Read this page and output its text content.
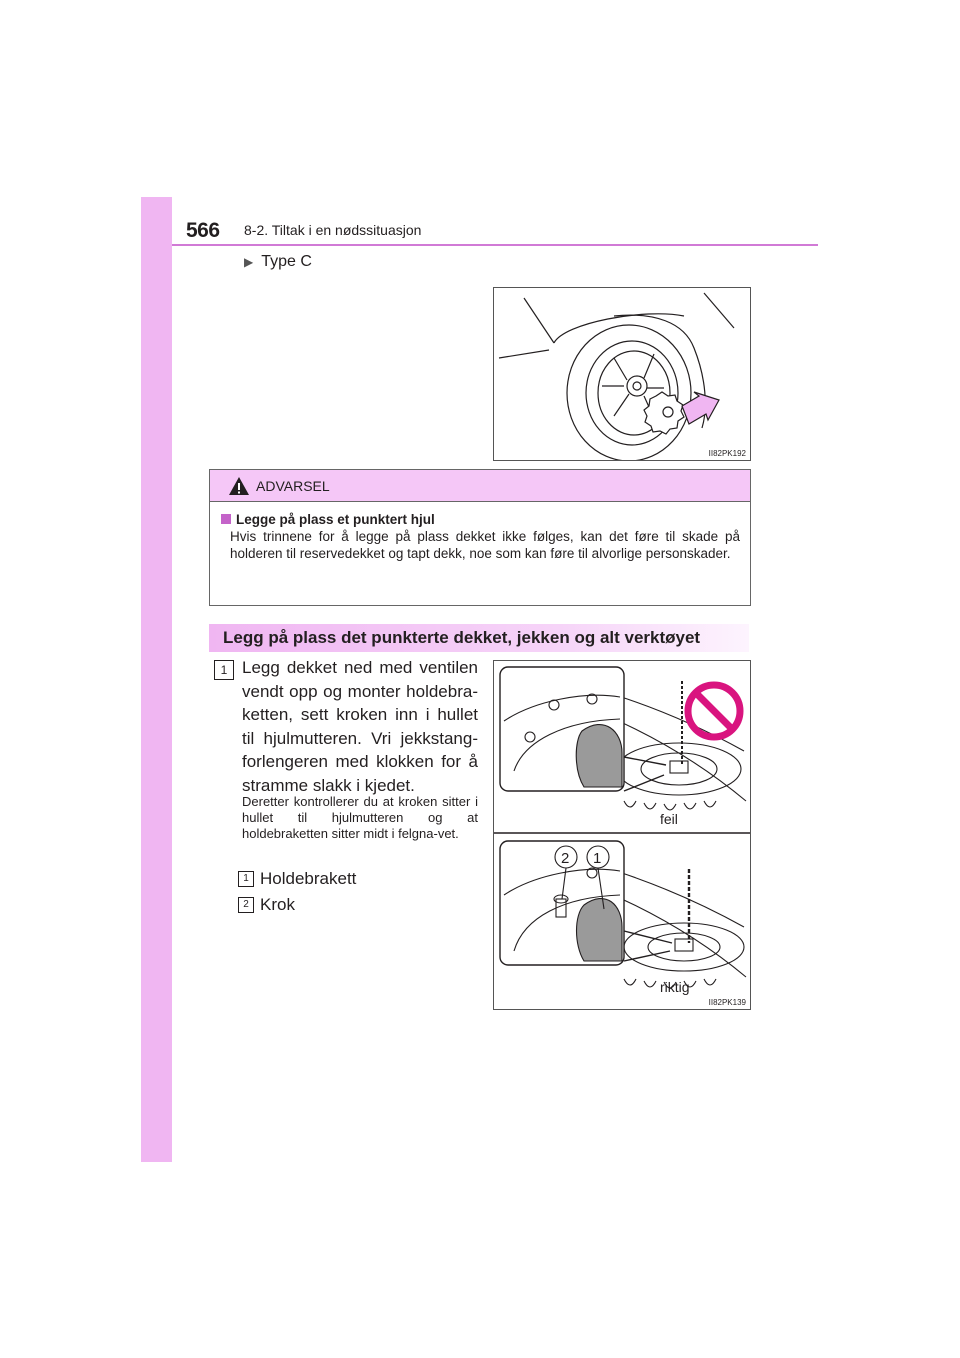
566 8-2. Tiltak i en nødssituasjon
▶ Type C
II82PK192
ADVARSEL
Legge på plass et punktert hjul
Hvis trinnene for å legge på plass dekket ikke følges, kan det føre til skade på holderen til reservedekket og tapt dekk, noe som kan føre til alvorlige personskader.
Legg på plass det punkterte dekket, jekken og alt verktøyet
1 Legg dekket ned med ventilen vendt opp og monter holdebra-ketten, sett kroken inn i hullet til hjulmutteren. Vri jekkstang-forlengeren med klokken for å stramme slakk i kjedet.
Deretter kontrollerer du at kroken sitter i hullet til hjulmutteren og at holdebraketten sitter midt i felgna-vet.
1 Holdebrakett
2 Krok
2 1
feil
riktig
II82PK139
